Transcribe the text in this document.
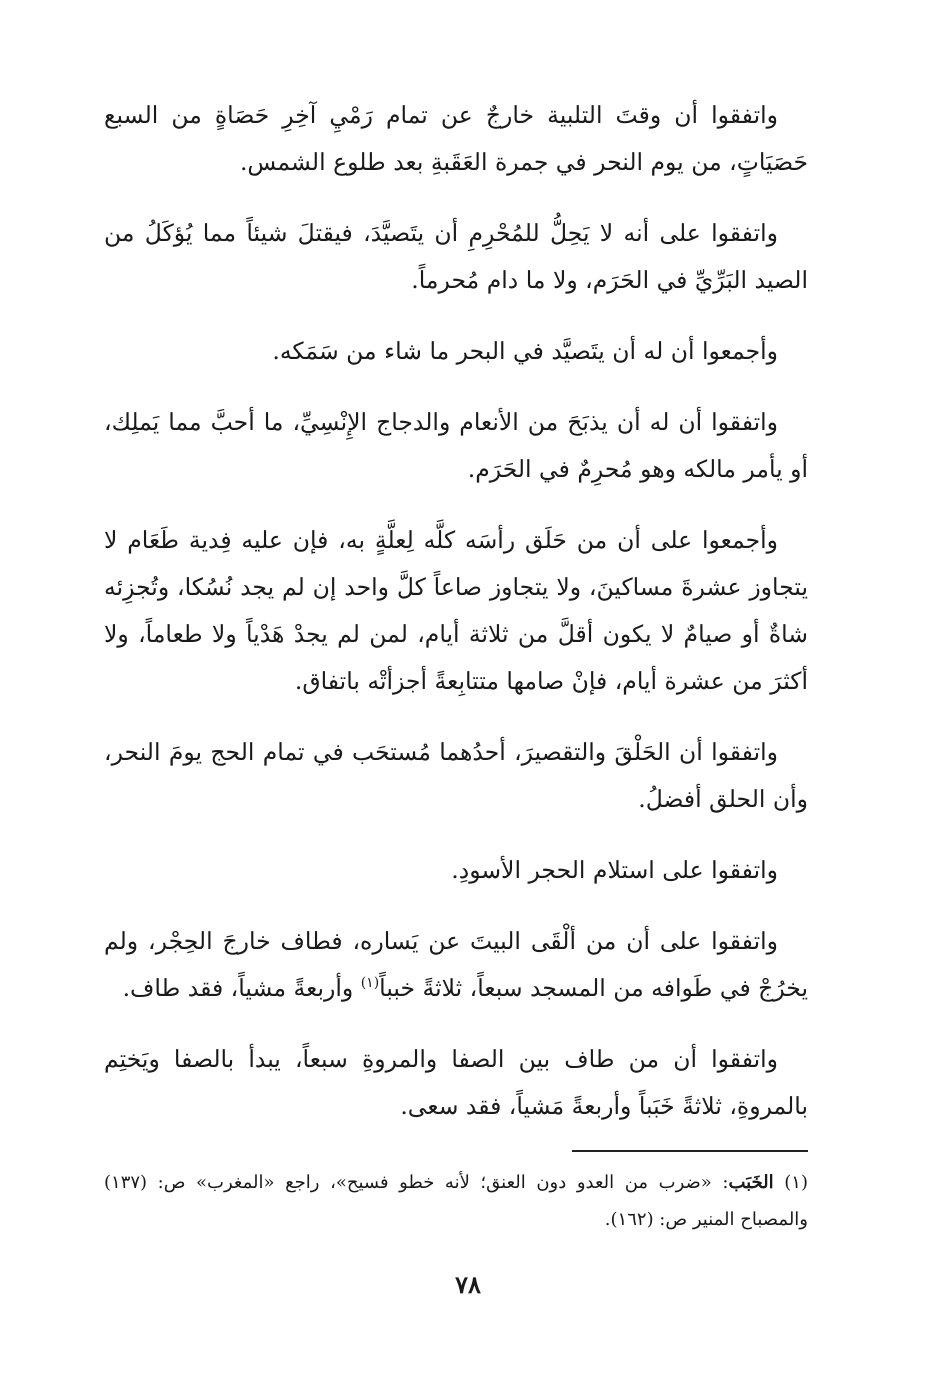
واتفقوا أن وقتَ التلبية خارجٌ عن تمام رَمْيِ آخِرِ حَصَاةٍ من السبع حَصَيَاتٍ، من يوم النحر في جمرة العَقَبةِ بعد طلوع الشمس.

واتفقوا على أنه لا يَحِلُّ للمُحْرِمِ أن يتَصيَّدَ، فيقتلَ شيئاً مما يُؤكَلُ من الصيد البَرِّيِّ في الحَرَم، ولا ما دام مُحرماً.

وأجمعوا أن له أن يتَصيَّد في البحر ما شاء من سَمَكه.

واتفقوا أن له أن يذبَحَ من الأنعام والدجاج الإِنْسِيِّ، ما أحبَّ مما يَملِك، أو يأمر مالكه وهو مُحرِمٌ في الحَرَم.

وأجمعوا على أن من حَلَق رأسَه كلَّه لِعلَّةٍ به، فإن عليه فِدية طَعَام لا يتجاوز عشرةَ مساكينَ، ولا يتجاوز صاعاً كلَّ واحد إن لم يجد نُسُكا، وتُجزِئه شاةٌ أو صيامٌ لا يكون أقلَّ من ثلاثة أيام، لمن لم يجدْ هَدْياً ولا طعاماً، ولا أكثرَ من عشرة أيام، فإنْ صامها متتابِعةً أجزأتْه باتفاق.

واتفقوا أن الحَلْقَ والتقصيرَ، أحدُهما مُستحَب في تمام الحج يومَ النحر، وأن الحلق أفضلُ.

واتفقوا على استلام الحجر الأسودِ.

واتفقوا على أن من ألْقَى البيتَ عن يَساره، فطاف خارجَ الحِجْر، ولم يخرُجْ في طَوافه من المسجد سبعاً، ثلاثةً خبباً$^{(١)}$ وأربعةً مشياً، فقد طاف.

واتفقوا أن من طاف بين الصفا والمروةِ سبعاً، يبدأ بالصفا ويَختِم بالمروةِ، ثلاثةً خَبَباً وأربعةً مَشياً، فقد سعى.

(١) الخَبَب: «ضرب من العدو دون العنق؛ لأنه خطو فسيح»، راجع «المغرب» ص: (١٣٧) والمصباح المنير ص: (١٦٢).
٧٨
